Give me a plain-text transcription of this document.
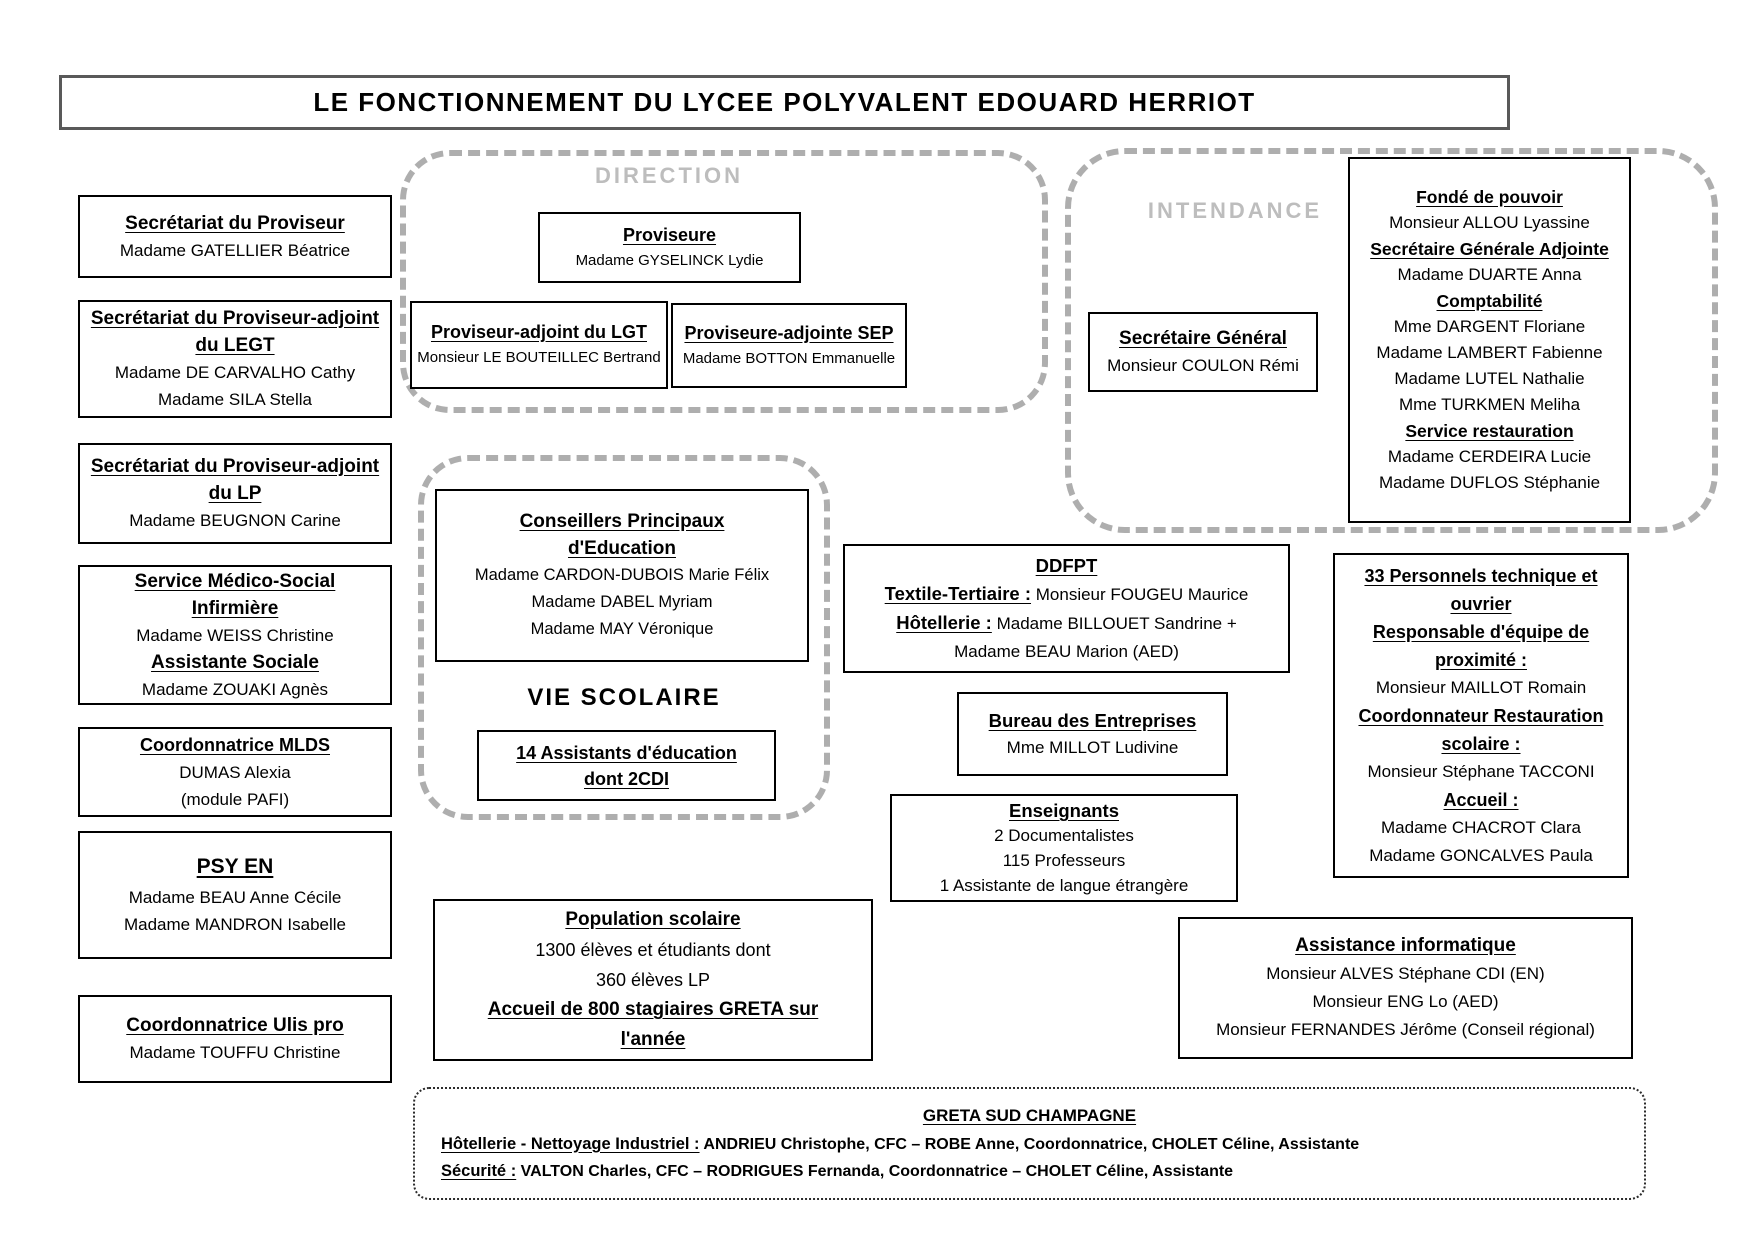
LE FONCTIONNEMENT DU LYCEE POLYVALENT EDOUARD HERRIOT
Secrétariat du Proviseur
Madame GATELLIER Béatrice
Secrétariat du Proviseur-adjoint du LEGT
Madame DE CARVALHO Cathy
Madame SILA Stella
Secrétariat du Proviseur-adjoint du LP
Madame BEUGNON Carine
Service Médico-Social
Infirmière
Madame WEISS Christine
Assistante Sociale
Madame ZOUAKI Agnès
Coordonnatrice MLDS
DUMAS Alexia
(module PAFI)
PSY EN
Madame BEAU Anne Cécile
Madame MANDRON Isabelle
Coordonnatrice Ulis pro
Madame TOUFFU Christine
DIRECTION
Proviseure
Madame GYSELINCK Lydie
Proviseur-adjoint du LGT
Monsieur LE BOUTEILLEC Bertrand
Proviseure-adjointe SEP
Madame BOTTON Emmanuelle
INTENDANCE
Secrétaire Général
Monsieur COULON Rémi
Fondé de pouvoir
Monsieur ALLOU Lyassine
Secrétaire Générale Adjointe
Madame DUARTE Anna
Comptabilité
Mme DARGENT Floriane
Madame LAMBERT Fabienne
Madame LUTEL Nathalie
Mme TURKMEN Meliha
Service restauration
Madame CERDEIRA Lucie
Madame DUFLOS Stéphanie
Conseillers Principaux d'Education
Madame CARDON-DUBOIS Marie Félix
Madame DABEL Myriam
Madame MAY Véronique
VIE SCOLAIRE
14 Assistants d'éducation dont 2CDI
DDFPT
Textile-Tertiaire : Monsieur FOUGEU Maurice
Hôtellerie : Madame BILLOUET Sandrine +
Madame BEAU Marion (AED)
Bureau des Entreprises
Mme MILLOT Ludivine
Enseignants
2 Documentalistes
115 Professeurs
1 Assistante de langue étrangère
33 Personnels technique et ouvrier
Responsable d'équipe de proximité :
Monsieur MAILLOT Romain
Coordonnateur Restauration scolaire :
Monsieur Stéphane TACCONI
Accueil :
Madame CHACROT Clara
Madame GONCALVES Paula
Population scolaire
1300 élèves et étudiants dont
360 élèves LP
Accueil de 800 stagiaires GRETA sur l'année
Assistance informatique
Monsieur ALVES Stéphane CDI (EN)
Monsieur ENG Lo (AED)
Monsieur FERNANDES Jérôme (Conseil régional)
GRETA SUD CHAMPAGNE
Hôtellerie - Nettoyage Industriel : ANDRIEU Christophe, CFC – ROBE Anne, Coordonnatrice, CHOLET Céline, Assistante
Sécurité : VALTON Charles, CFC – RODRIGUES Fernanda, Coordonnatrice – CHOLET Céline, Assistante
